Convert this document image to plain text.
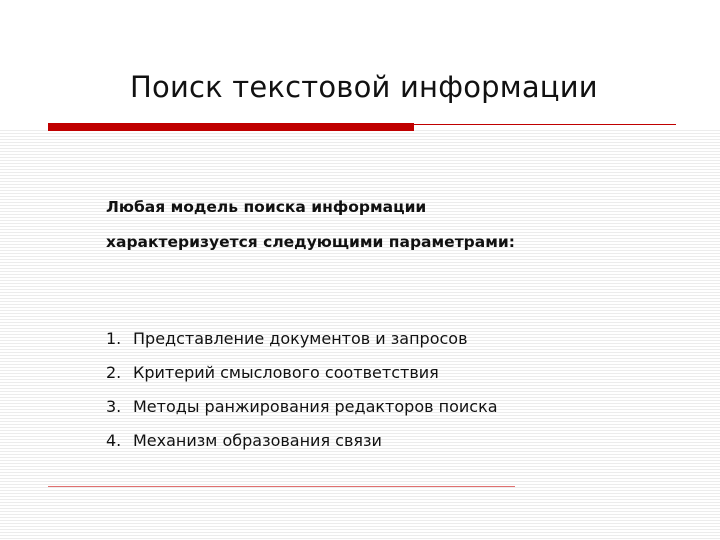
Поиск текстовой информации
Любая модель поиска информации
характеризуется следующими параметрами:
1. Представление документов и запросов
2. Критерий смыслового соответствия
3. Методы ранжирования редакторов поиска
4. Механизм образования связи
